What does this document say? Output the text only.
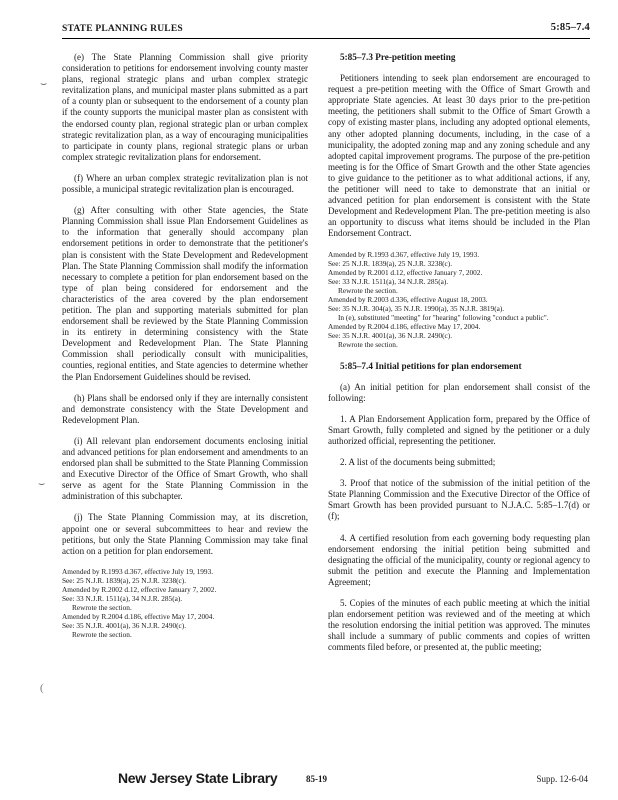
STATE PLANNING RULES	5:85–7.4

(e) The State Planning Commission shall give priority consideration to petitions for endorsement involving county master plans, regional strategic plans and urban complex strategic revitalization plans, and municipal master plans submitted as a part of a county plan or subsequent to the endorsement of a county plan if the county supports the municipal master plan as consistent with the endorsed county plan, regional strategic plan or urban complex strategic revitalization plan, as a way of encouraging municipalities to participate in county plans, regional strategic plans or urban complex strategic revitalization plans for endorsement.

(f) Where an urban complex strategic revitalization plan is not possible, a municipal strategic revitalization plan is encouraged.

(g) After consulting with other State agencies, the State Planning Commission shall issue Plan Endorsement Guidelines as to the information that generally should accompany plan endorsement petitions in order to demonstrate that the petitioner's plan is consistent with the State Development and Redevelopment Plan. The State Planning Commission shall modify the information necessary to complete a petition for plan endorsement based on the type of plan being considered for endorsement and the characteristics of the area covered by the plan endorsement petition. The plan and supporting materials submitted for plan endorsement shall be reviewed by the State Planning Commission in its entirety in determining consistency with the State Development and Redevelopment Plan. The State Planning Commission shall periodically consult with municipalities, counties, regional entities, and State agencies to determine whether the Plan Endorsement Guidelines should be revised.

(h) Plans shall be endorsed only if they are internally consistent and demonstrate consistency with the State Development and Redevelopment Plan.

(i) All relevant plan endorsement documents enclosing initial and advanced petitions for plan endorsement and amendments to an endorsed plan shall be submitted to the State Planning Commission and Executive Director of the Office of Smart Growth, who shall serve as agent for the State Planning Commission in the administration of this subchapter.

(j) The State Planning Commission may, at its discretion, appoint one or several subcommittees to hear and review the petitions, but only the State Planning Commission may take final action on a petition for plan endorsement.

Amended by R.1993 d.367, effective July 19, 1993.

See: 25 N.J.R. 1839(a), 25 N.J.R. 3238(c).

Amended by R.2002 d.12, effective January 7, 2002.

See: 33 N.J.R. 1511(a), 34 N.J.R. 285(a).

Rewrote the section.

Amended by R.2004 d.186, effective May 17, 2004.

See: 35 N.J.R. 4001(a), 36 N.J.R. 2490(c).

Rewrote the section.

5:85–7.3 Pre-petition meeting

Petitioners intending to seek plan endorsement are encouraged to request a pre-petition meeting with the Office of Smart Growth and appropriate State agencies. At least 30 days prior to the pre-petition meeting, the petitioners shall submit to the Office of Smart Growth a copy of existing master plans, including any adopted optional elements, any other adopted planning documents, including, in the case of a municipality, the adopted zoning map and any zoning schedule and any adopted capital improvement programs. The purpose of the pre-petition meeting is for the Office of Smart Growth and the other State agencies to give guidance to the petitioner as to what additional actions, if any, the petitioner will need to take to demonstrate that an initial or advanced petition for plan endorsement is consistent with the State Development and Redevelopment Plan. The pre-petition meeting is also an opportunity to discuss what items should be included in the Plan Endorsement Contract.

Amended by R.1993 d.367, effective July 19, 1993.

See: 25 N.J.R. 1839(a), 25 N.J.R. 3238(c).

Amended by R.2001 d.12, effective January 7, 2002.

See: 33 N.J.R. 1511(a), 34 N.J.R. 285(a).

Rewrote the section.

Amended by R.2003 d.336, effective August 18, 2003.

See: 35 N.J.R. 304(a), 35 N.J.R. 1990(a), 35 N.J.R. 3819(a).

In (e), substituted "meeting" for "hearing" following "conduct a public".

Amended by R.2004 d.186, effective May 17, 2004.

See: 35 N.J.R. 4001(a), 36 N.J.R. 2490(c).

Rewrote the section.

5:85–7.4 Initial petitions for plan endorsement

(a) An initial petition for plan endorsement shall consist of the following:

1. A Plan Endorsement Application form, prepared by the Office of Smart Growth, fully completed and signed by the petitioner or a duly authorized official, representing the petitioner.

2. A list of the documents being submitted;

3. Proof that notice of the submission of the initial petition of the State Planning Commission and the Executive Director of the Office of Smart Growth has been provided pursuant to N.J.A.C. 5:85–1.7(d) or (f);

4. A certified resolution from each governing body requesting plan endorsement endorsing the initial petition being submitted and designating the official of the municipality, county or regional agency to submit the petition and execute the Planning and Implementation Agreement;

5. Copies of the minutes of each public meeting at which the initial plan endorsement petition was reviewed and of the meeting at which the resolution endorsing the initial petition was approved. The minutes shall include a summary of public comments and copies of written comments filed before, or presented at, the public meeting;

⌣
⌣
(
New Jersey State Library	85-19	Supp. 12-6-04
